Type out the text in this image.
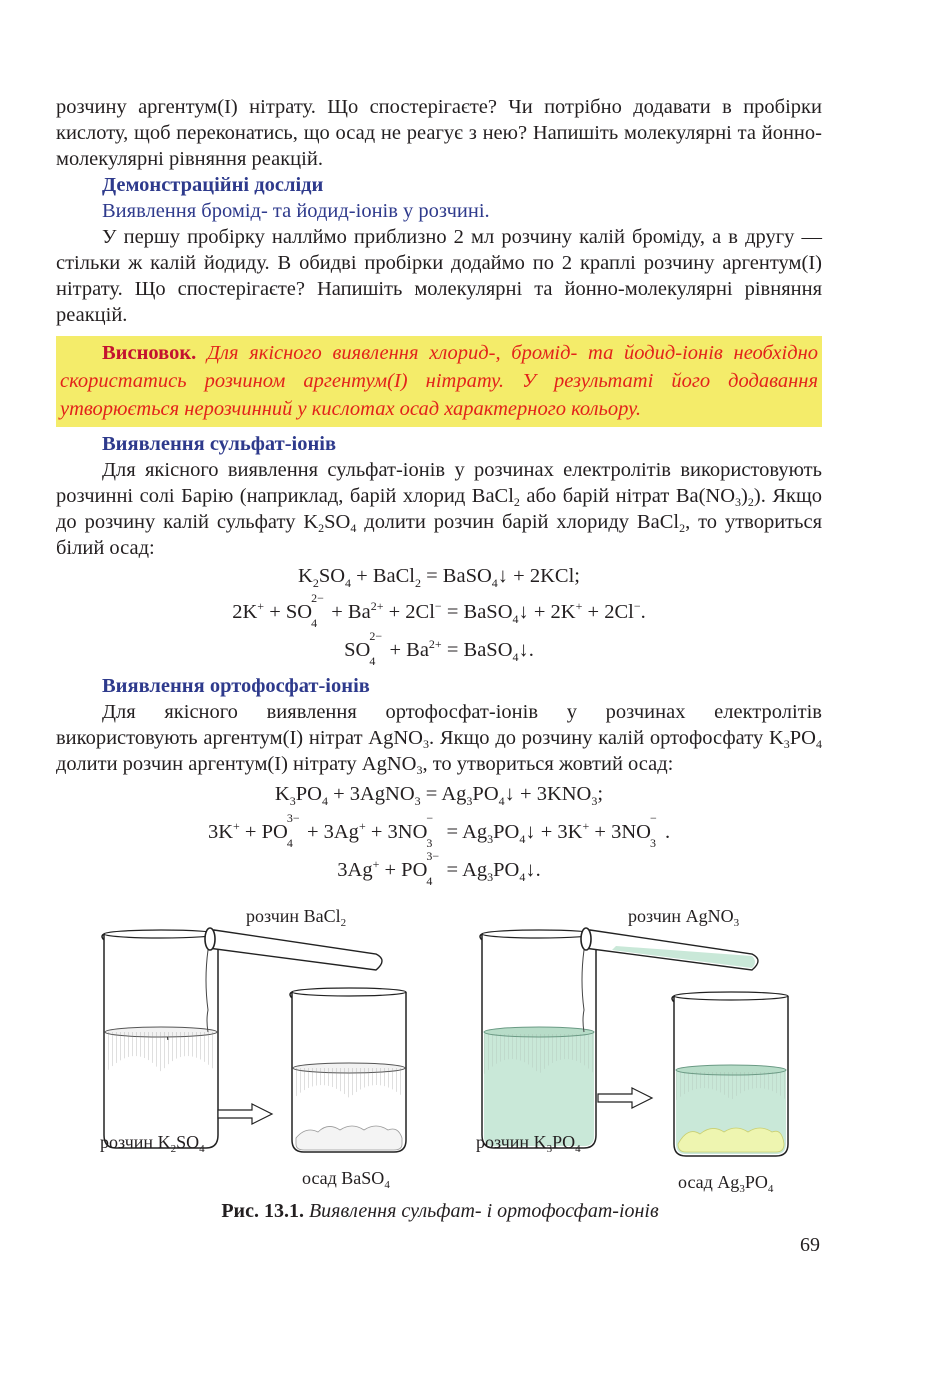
розчину аргентум(I) нітрату. Що спостерігаєте? Чи потрібно додавати в пробірки кислоту, щоб переконатись, що осад не реагує з нею? Напишіть молекулярні та йонно-молекулярні рівняння реакцій.

Демонстраційні досліди
Виявлення бромід- та йодид-іонів у розчині.

У першу пробірку наллймо приблизно 2 мл розчину калій броміду, а в другу — стільки ж калій йодиду. В обидві пробірки додаймо по 2 краплі розчину аргентум(I) нітрату. Що спостерігаєте? Напишіть молекулярні та йонно-молекулярні рівняння реакцій.

Висновок. Для якісного виявлення хлорид-, бромід- та йодид-іонів необхідно скористатись розчином аргентум(I) нітрату. У результаті його додавання утворюється нерозчинний у кислотах осад характерного кольору.
Виявлення сульфат-іонів

Для якісного виявлення сульфат-іонів у розчинах електролітів використовують розчинні солі Барію (наприклад, барій хлорид BaCl$_2$ або барій нітрат $Ba(NO_3)_2$). Якщо до розчину калій сульфату $K_2SO_4$ долити розчин барій хлориду BaCl$_2$, то утвориться білий осад:

$K_2SO_4$ + BaCl$_2$ = BaSO$_4$↓ + 2KCl;
2K+ + SO
2−
$4 + Ba^{2+} + 2Cl^-$ = BaSO$_4$↓ + 2K+ + 2Cl−.
SO
2−
$4 + Ba^{2+}$ = BaSO$_4$↓.
Виявлення ортофосфат-іонів

Для якісного виявлення ортофосфат-іонів у розчинах електролітів використовують аргентум(I) нітрат AgNO$_3$. Якщо до розчину калій ортофосфату $K_3PO_4$ долити розчин аргентум(I) нітрату AgNO$_3$, то утвориться жовтий осад:

$K_3PO_4$ + 3AgNO$_3$ = $Ag_3PO_4↓ + 3KNO_3$;
3K+ + PO
3−
4 + 3Ag+ + 3NO
−
$3 = Ag_3PO_4↓ + 3K^+ + 3NO$
−
3 .
3Ag+ + PO
3−
$4 = Ag_3PO_4↓$.
розчин BaCl$_2$	розчин AgNO$_3$
розчин $K_2SO_4$	розчин $K_3PO_4$
осад BaSO$_4$	осад $Ag_3PO_4$
Рис. 13.1. Виявлення сульфат- і ортофосфат-іонів
69
